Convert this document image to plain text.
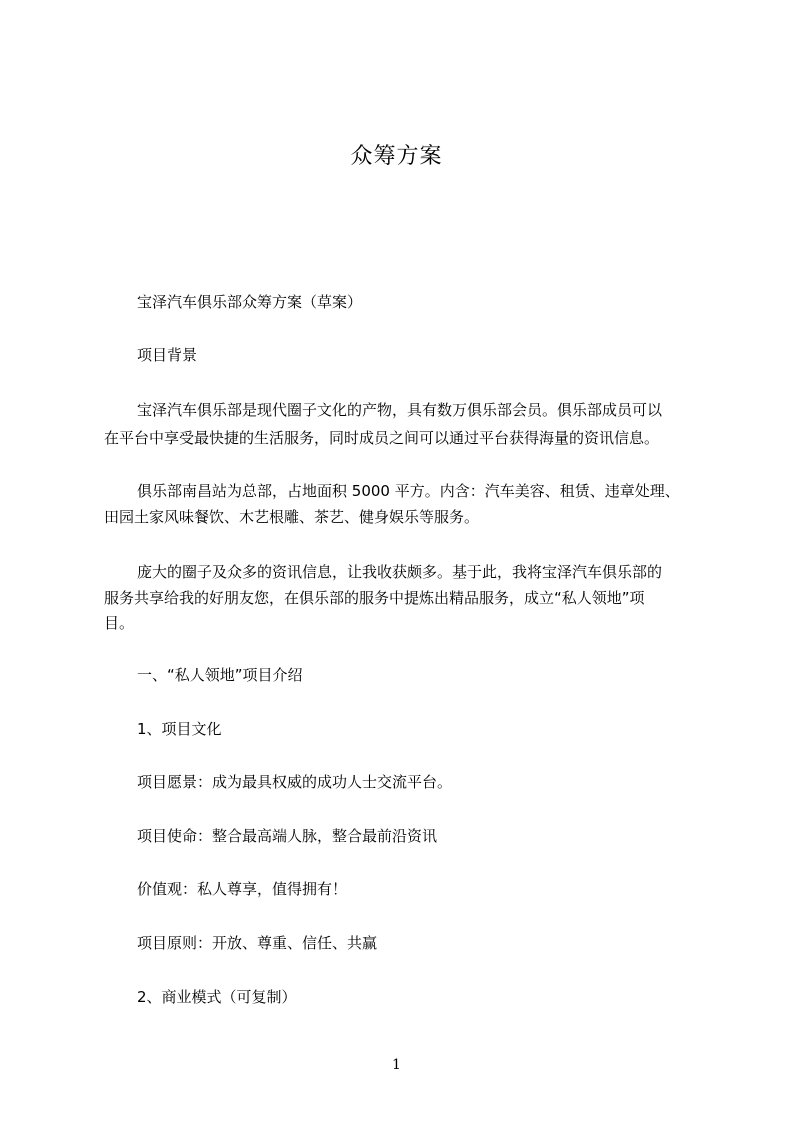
众筹方案
宝泽汽车俱乐部众筹方案（草案）
项目背景
宝泽汽车俱乐部是现代圈子文化的产物，具有数万俱乐部会员。俱乐部成员可以
在平台中享受最快捷的生活服务，同时成员之间可以通过平台获得海量的资讯信息。
俱乐部南昌站为总部，占地面积 5000 平方。内含：汽车美容、租赁、违章处理、
田园土家风味餐饮、木艺根雕、茶艺、健身娱乐等服务。
庞大的圈子及众多的资讯信息，让我收获颇多。基于此，我将宝泽汽车俱乐部的
服务共享给我的好朋友您，在俱乐部的服务中提炼出精品服务，成立“私人领地”项
目。
一、“私人领地”项目介绍
1、项目文化
项目愿景：成为最具权威的成功人士交流平台。
项目使命：整合最高端人脉，整合最前沿资讯
价值观：私人尊享，值得拥有！
项目原则：开放、尊重、信任、共赢
2、商业模式（可复制）
1
